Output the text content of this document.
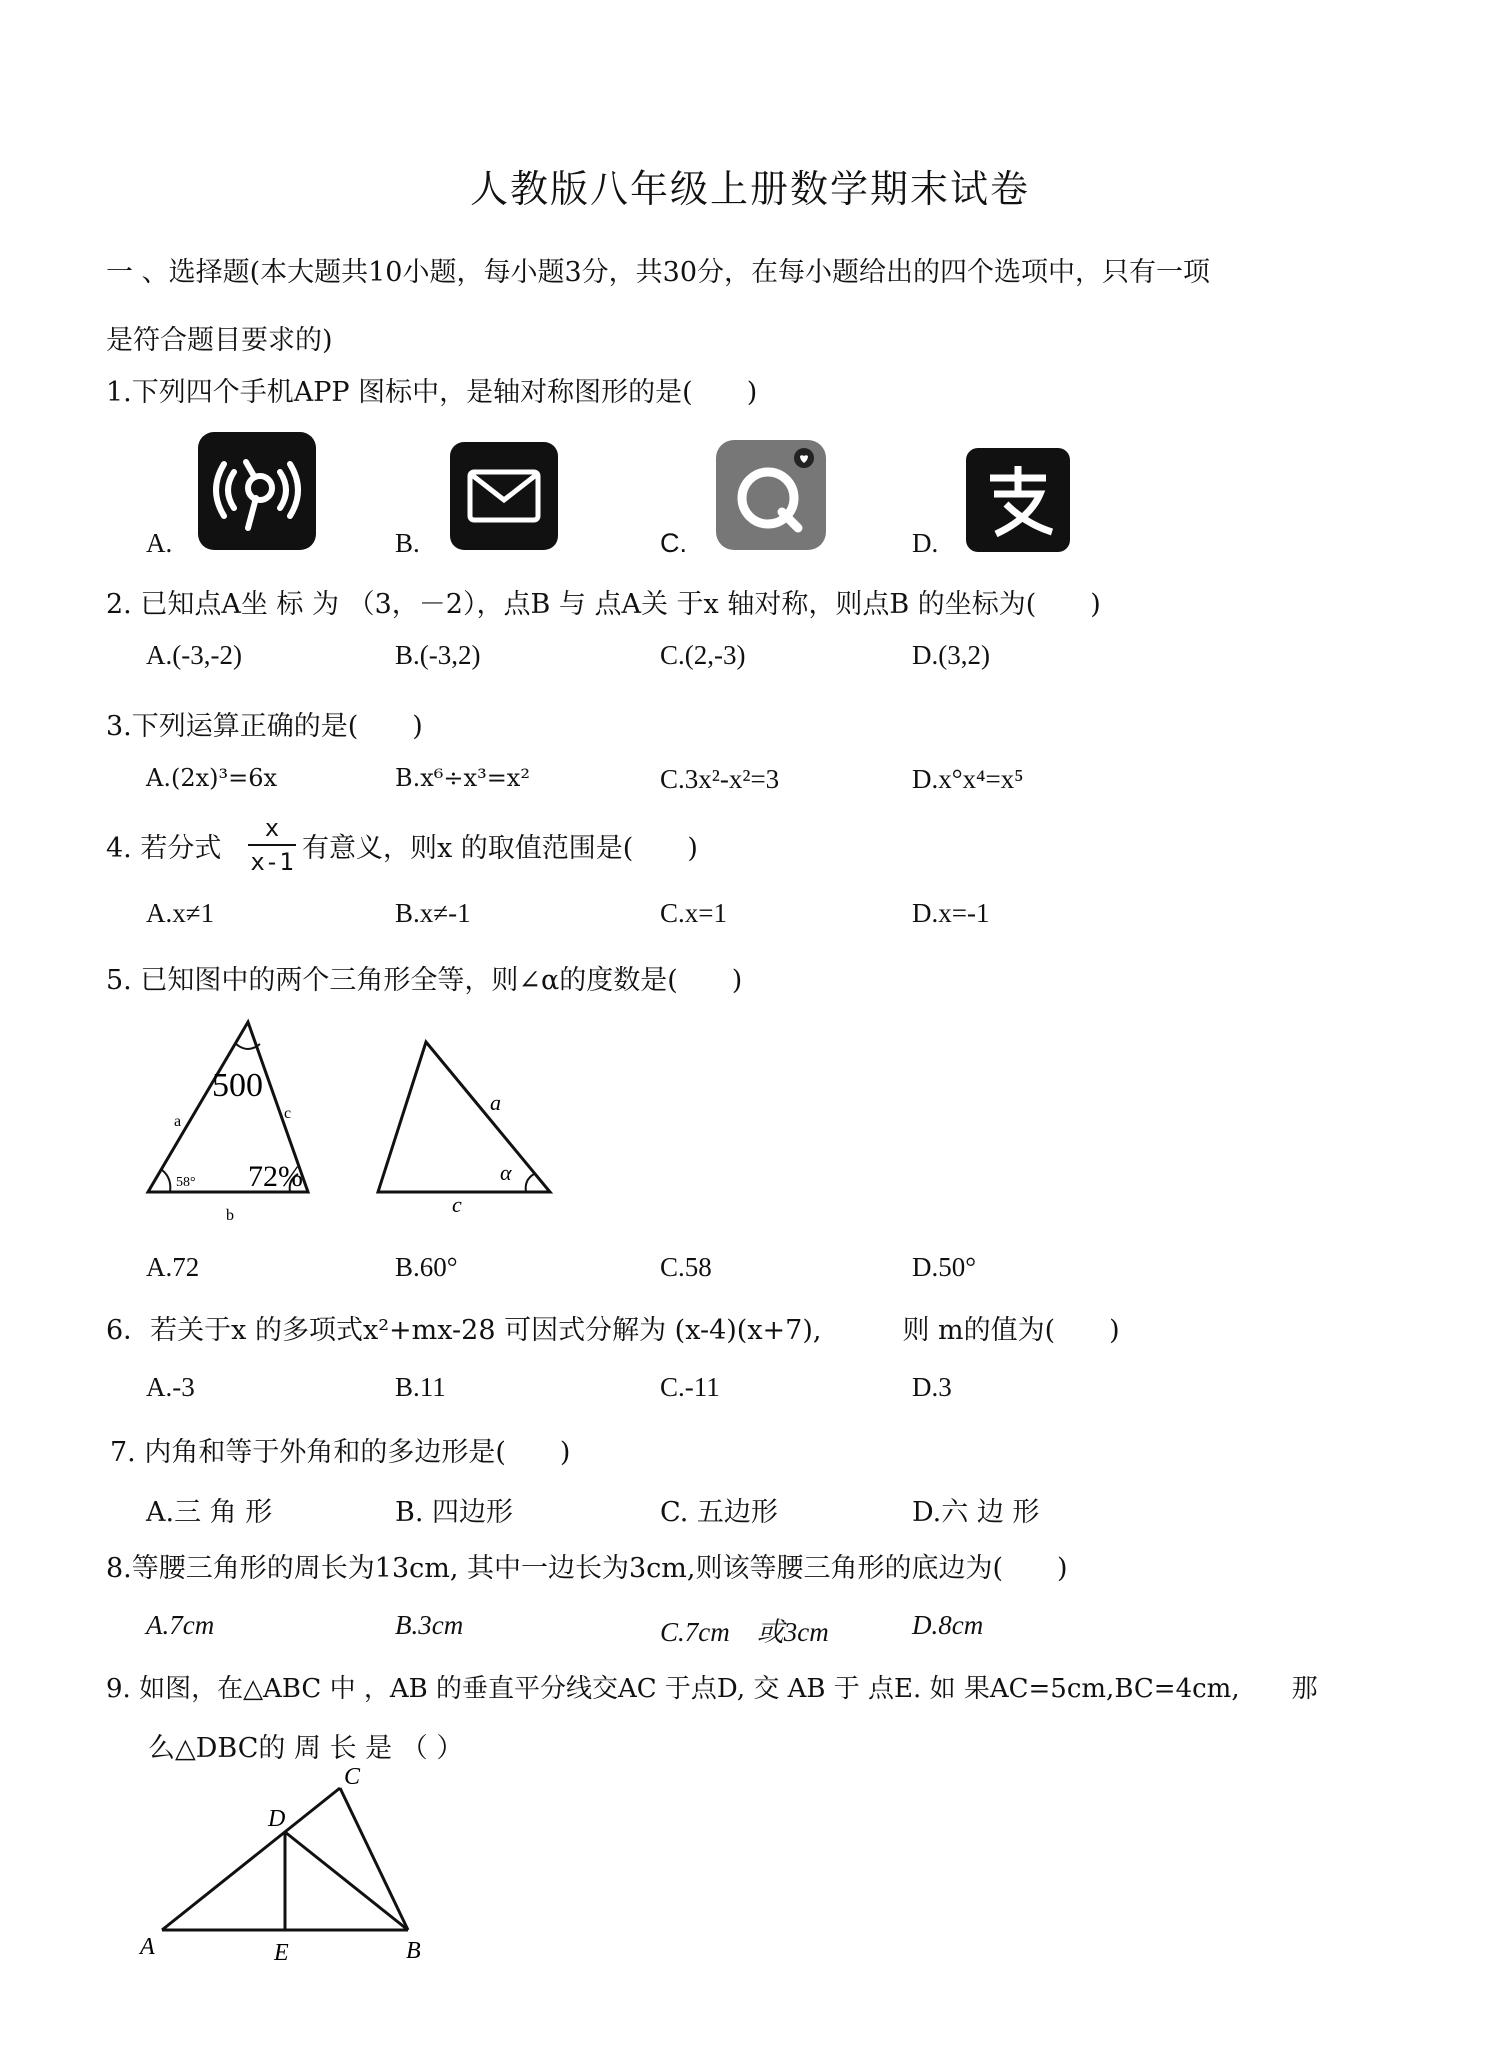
人教版八年级上册数学期末试卷
一 、选择题(本大题共10小题，每小题3分，共30分，在每小题给出的四个选项中，只有一项
是符合题目要求的)
1.下列四个手机APP 图标中，是轴对称图形的是(　　)
A.	B.	C.	D.
2. 已知点A坐 标 为 （3，－2），点B 与 点A关 于x 轴对称，则点B 的坐标为(　　)
A.(-3,-2)	B.(-3,2)	C.(2,-3)	D.(3,2)
3.下列运算正确的是(　　)
A.(2x)³=6x	B.x⁶÷x³=x²	C.3x²-x²=3	D.x°x⁴=x⁵
4. 若分式
x
x-1 有意义，则x 的取值范围是(　　)
A.x≠1	B.x≠-1	C.x=1	D.x=-1
5. 已知图中的两个三角形全等，则∠α的度数是(　　)
500
58° 72%
a	c
b
a
α
c
A.72	B.60°	C.58	D.50°
6．若关于x 的多项式x²+mx-28 可因式分解为 (x-4)(x+7),　　　则 m的值为(　　)
A.-3	B.11	C.-11	D.3
7. 内角和等于外角和的多边形是(　　)
A.三 角 形	B. 四边形	C. 五边形	D.六 边 形
8.等腰三角形的周长为13cm, 其中一边长为3cm,则该等腰三角形的底边为(　　)
A.7cm	B.3cm	C.7cm　或3cm	D.8cm
9. 如图，在△ABC 中 ，AB 的垂直平分线交AC 于点D, 交 AB 于 点E. 如 果AC=5cm,BC=4cm,　　那
么△DBC的 周 长 是 （ ）
A	E	B
D
C
